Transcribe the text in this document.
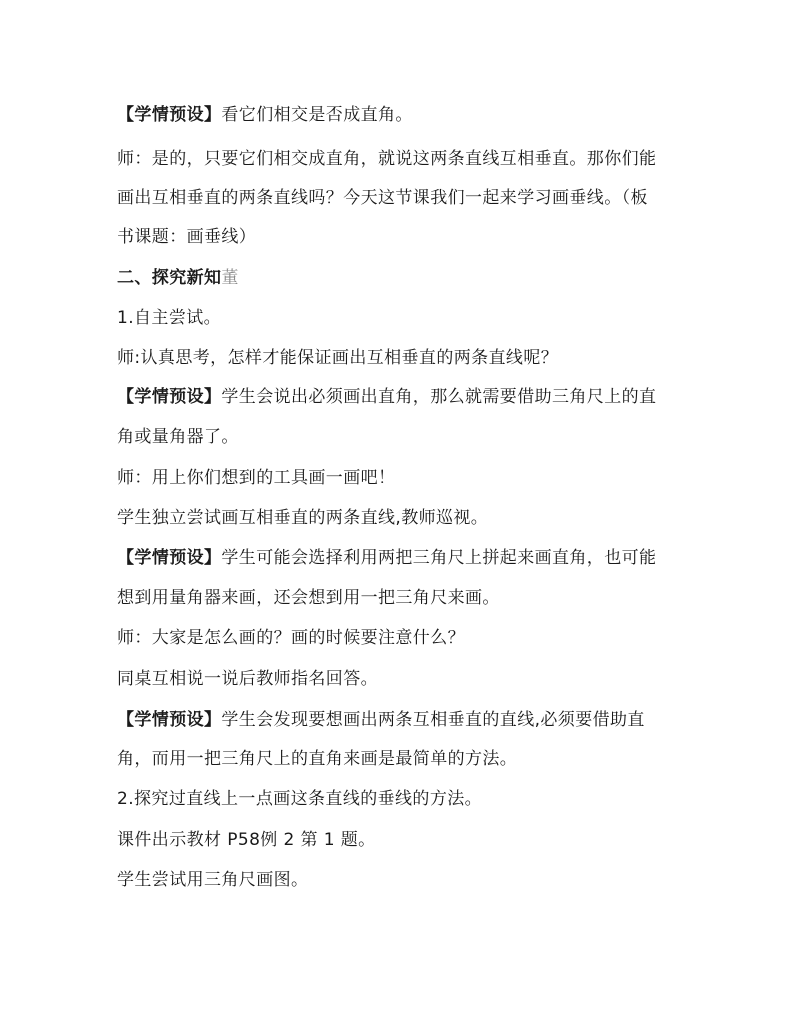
【学情预设】看它们相交是否成直角。
师：是的，只要它们相交成直角，就说这两条直线互相垂直。那你们能
画出互相垂直的两条直线吗？今天这节课我们一起来学习画垂线。（板
书课题：画垂线）
二、探究新知董
1.自主尝试。
师:认真思考，怎样才能保证画出互相垂直的两条直线呢？
【学情预设】学生会说出必须画出直角，那么就需要借助三角尺上的直
角或量角器了。
师：用上你们想到的工具画一画吧！
学生独立尝试画互相垂直的两条直线,教师巡视。
【学情预设】学生可能会选择利用两把三角尺上拼起来画直角，也可能
想到用量角器来画，还会想到用一把三角尺来画。
师：大家是怎么画的？画的时候要注意什么？
同桌互相说一说后教师指名回答。
【学情预设】学生会发现要想画出两条互相垂直的直线,必须要借助直
角，而用一把三角尺上的直角来画是最简单的方法。
2.探究过直线上一点画这条直线的垂线的方法。
课件出示教材 P58例 2 第 1 题。
学生尝试用三角尺画图。
